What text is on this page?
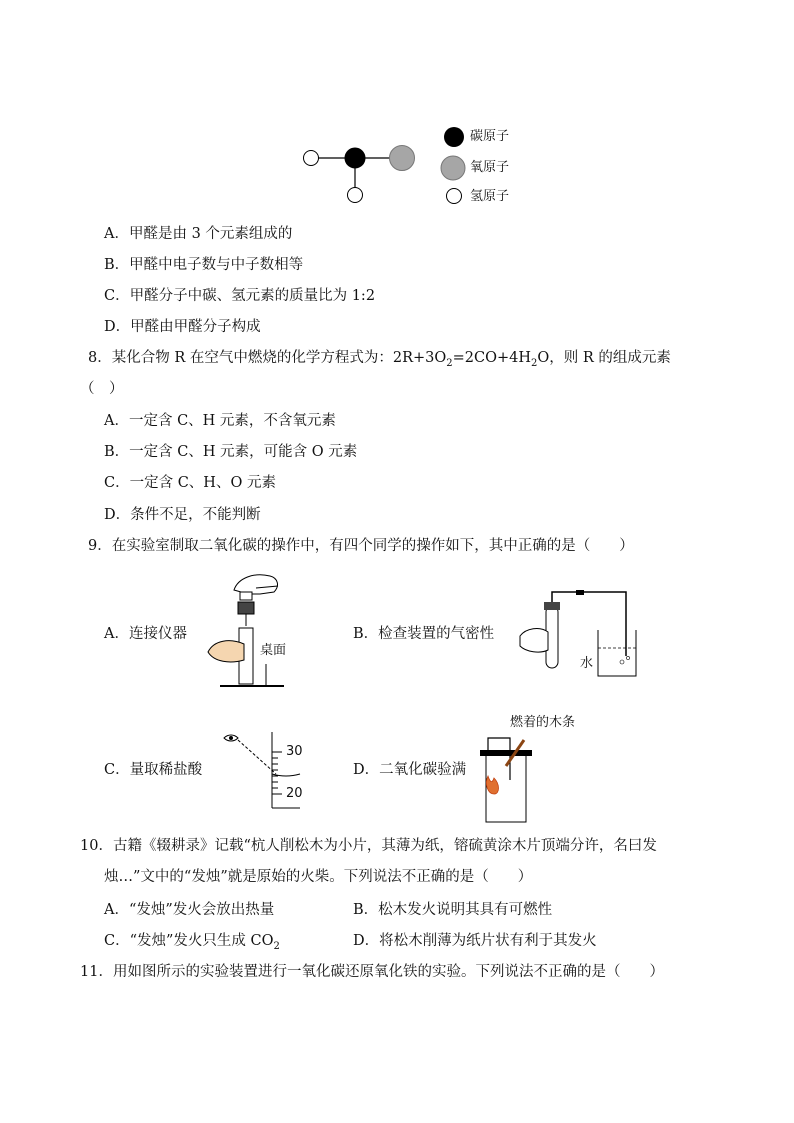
碳原子
氧原子
氢原子
A．甲醛是由 3 个元素组成的
B．甲醛中电子数与中子数相等
C．甲醛分子中碳、氢元素的质量比为 1:2
D．甲醛由甲醛分子构成
8．某化合物 R 在空气中燃烧的化学方程式为：$2R+3O_2=2CO+4H_2O$，则 R 的组成元素
（　）
A．一定含 C、H 元素，不含氧元素
B．一定含 C、H 元素，可能含 O 元素
C．一定含 C、H、O 元素
D．条件不足，不能判断
9．在实验室制取二氧化碳的操作中，有四个同学的操作如下，其中正确的是（　　）
A．连接仪器
桌面
B．检查装置的气密性
水
C．量取稀盐酸
30
20
D．二氧化碳验满
燃着的木条
10．古籍《辍耕录》记载“杭人削松木为小片，其薄为纸，镕硫黄涂木片顶端分许，名曰发
烛…”文中的“发烛”就是原始的火柴。下列说法不正确的是（　　）
A．“发烛”发火会放出热量	B．松木发火说明其具有可燃性
C．“发烛”发火只生成 $CO_2$	D．将松木削薄为纸片状有利于其发火
11．用如图所示的实验装置进行一氧化碳还原氧化铁的实验。下列说法不正确的是（　　）
